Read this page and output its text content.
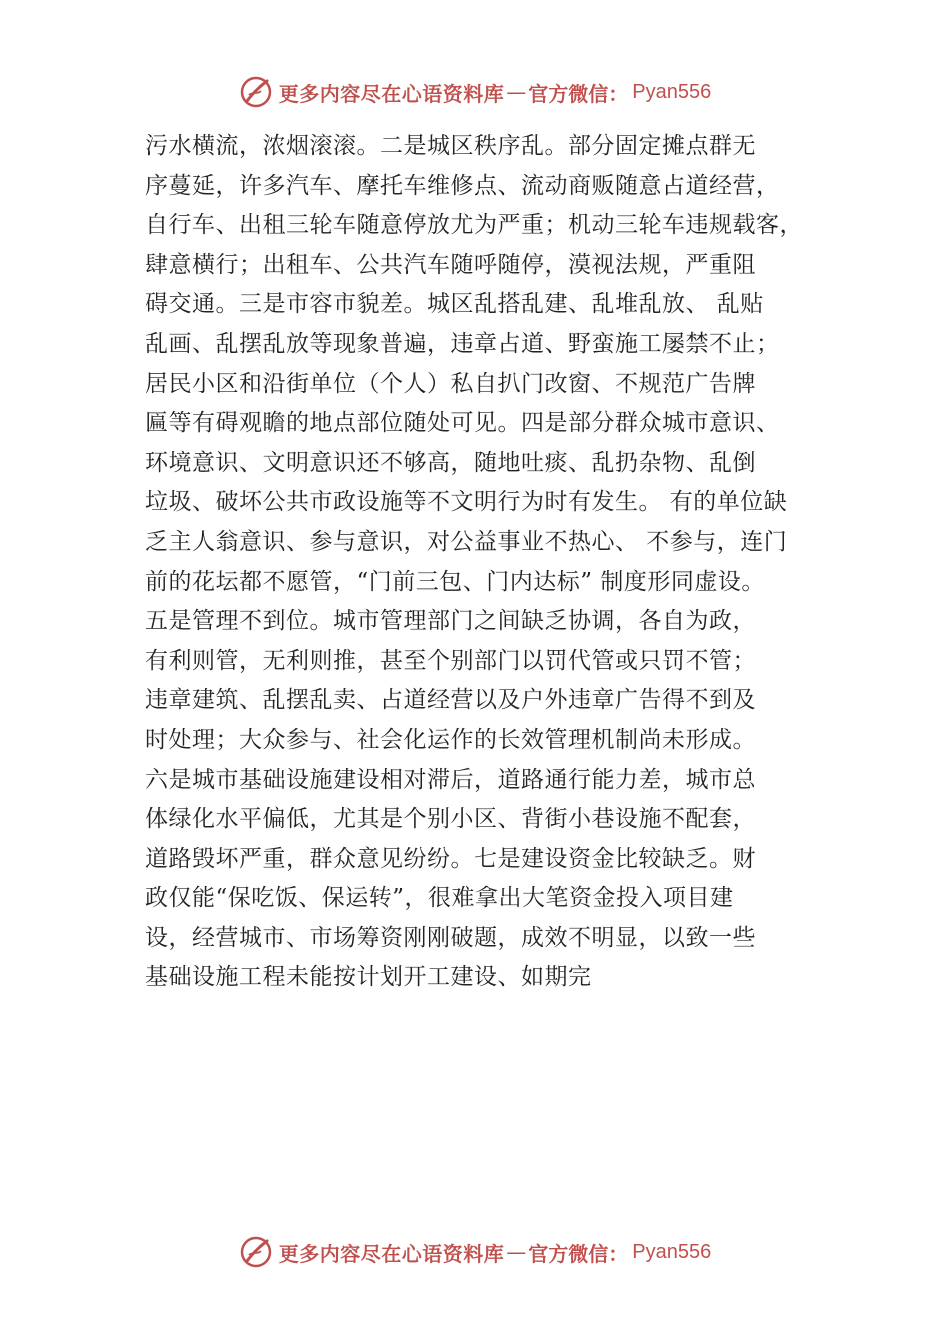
更多内容尽在心语资料库 — 官方微信： Pyan556
污水横流，浓烟滚滚。二是城区秩序乱。部分固定摊点群无
序蔓延，许多汽车、摩托车维修点、流动商贩随意占道经营，
自行车、出租三轮车随意停放尤为严重；机动三轮车违规载客，
肆意横行；出租车、公共汽车随呼随停，漠视法规，严重阻
碍交通。三是市容市貌差。城区乱搭乱建、乱堆乱放、 乱贴
乱画、乱摆乱放等现象普遍，违章占道、野蛮施工屡禁不止；
居民小区和沿街单位（个人）私自扒门改窗、不规范广告牌
匾等有碍观瞻的地点部位随处可见。四是部分群众城市意识、
环境意识、文明意识还不够高，随地吐痰、乱扔杂物、乱倒
垃圾、破坏公共市政设施等不文明行为时有发生。 有的单位缺
乏主人翁意识、参与意识，对公益事业不热心、 不参与，连门
前的花坛都不愿管，“门前三包、门内达标” 制度形同虚设。
五是管理不到位。城市管理部门之间缺乏协调，各自为政，
有利则管，无利则推，甚至个别部门以罚代管或只罚不管；
违章建筑、乱摆乱卖、占道经营以及户外违章广告得不到及
时处理；大众参与、社会化运作的长效管理机制尚未形成。
六是城市基础设施建设相对滞后，道路通行能力差，城市总
体绿化水平偏低，尤其是个别小区、背街小巷设施不配套，
道路毁坏严重，群众意见纷纷。七是建设资金比较缺乏。财
政仅能“保吃饭、保运转”，很难拿出大笔资金投入项目建
设，经营城市、市场筹资刚刚破题，成效不明显，以致一些
基础设施工程未能按计划开工建设、如期完
更多内容尽在心语资料库 — 官方微信： Pyan556
